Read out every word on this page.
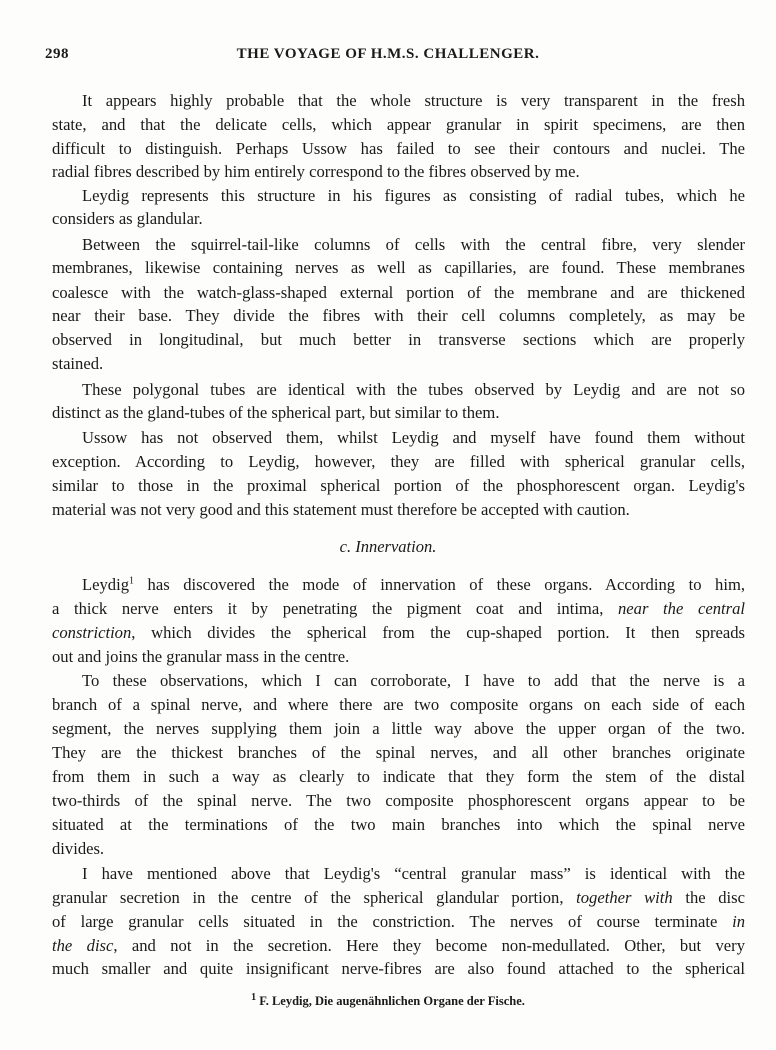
298	THE VOYAGE OF H.M.S. CHALLENGER.
It appears highly probable that the whole structure is very transparent in the fresh
state, and that the delicate cells, which appear granular in spirit specimens, are then
difficult to distinguish. Perhaps Ussow has failed to see their contours and nuclei. The
radial fibres described by him entirely correspond to the fibres observed by me.
Leydig represents this structure in his figures as consisting of radial tubes, which he
considers as glandular.
Between the squirrel-tail-like columns of cells with the central fibre, very slender
membranes, likewise containing nerves as well as capillaries, are found. These membranes
coalesce with the watch-glass-shaped external portion of the membrane and are thickened
near their base. They divide the fibres with their cell columns completely, as may be
observed in longitudinal, but much better in transverse sections which are properly
stained.
These polygonal tubes are identical with the tubes observed by Leydig and are not so
distinct as the gland-tubes of the spherical part, but similar to them.
Ussow has not observed them, whilst Leydig and myself have found them without
exception. According to Leydig, however, they are filled with spherical granular cells,
similar to those in the proximal spherical portion of the phosphorescent organ. Leydig's
material was not very good and this statement must therefore be accepted with caution.
Leydig$^1$ has discovered the mode of innervation of these organs. According to him,
a thick nerve enters it by penetrating the pigment coat and intima, near the central
constriction, which divides the spherical from the cup-shaped portion. It then spreads
out and joins the granular mass in the centre.
To these observations, which I can corroborate, I have to add that the nerve is a
branch of a spinal nerve, and where there are two composite organs on each side of each
segment, the nerves supplying them join a little way above the upper organ of the two.
They are the thickest branches of the spinal nerves, and all other branches originate
from them in such a way as clearly to indicate that they form the stem of the distal
two-thirds of the spinal nerve. The two composite phosphorescent organs appear to be
situated at the terminations of the two main branches into which the spinal nerve
divides.
I have mentioned above that Leydig's “central granular mass” is identical with the
granular secretion in the centre of the spherical glandular portion, together with the disc
of large granular cells situated in the constriction. The nerves of course terminate in
the disc, and not in the secretion. Here they become non-medullated. Other, but very
much smaller and quite insignificant nerve-fibres are also found attached to the spherical
c. Innervation.
$^1$ F. Leydig, Die augenähnlichen Organe der Fische.
